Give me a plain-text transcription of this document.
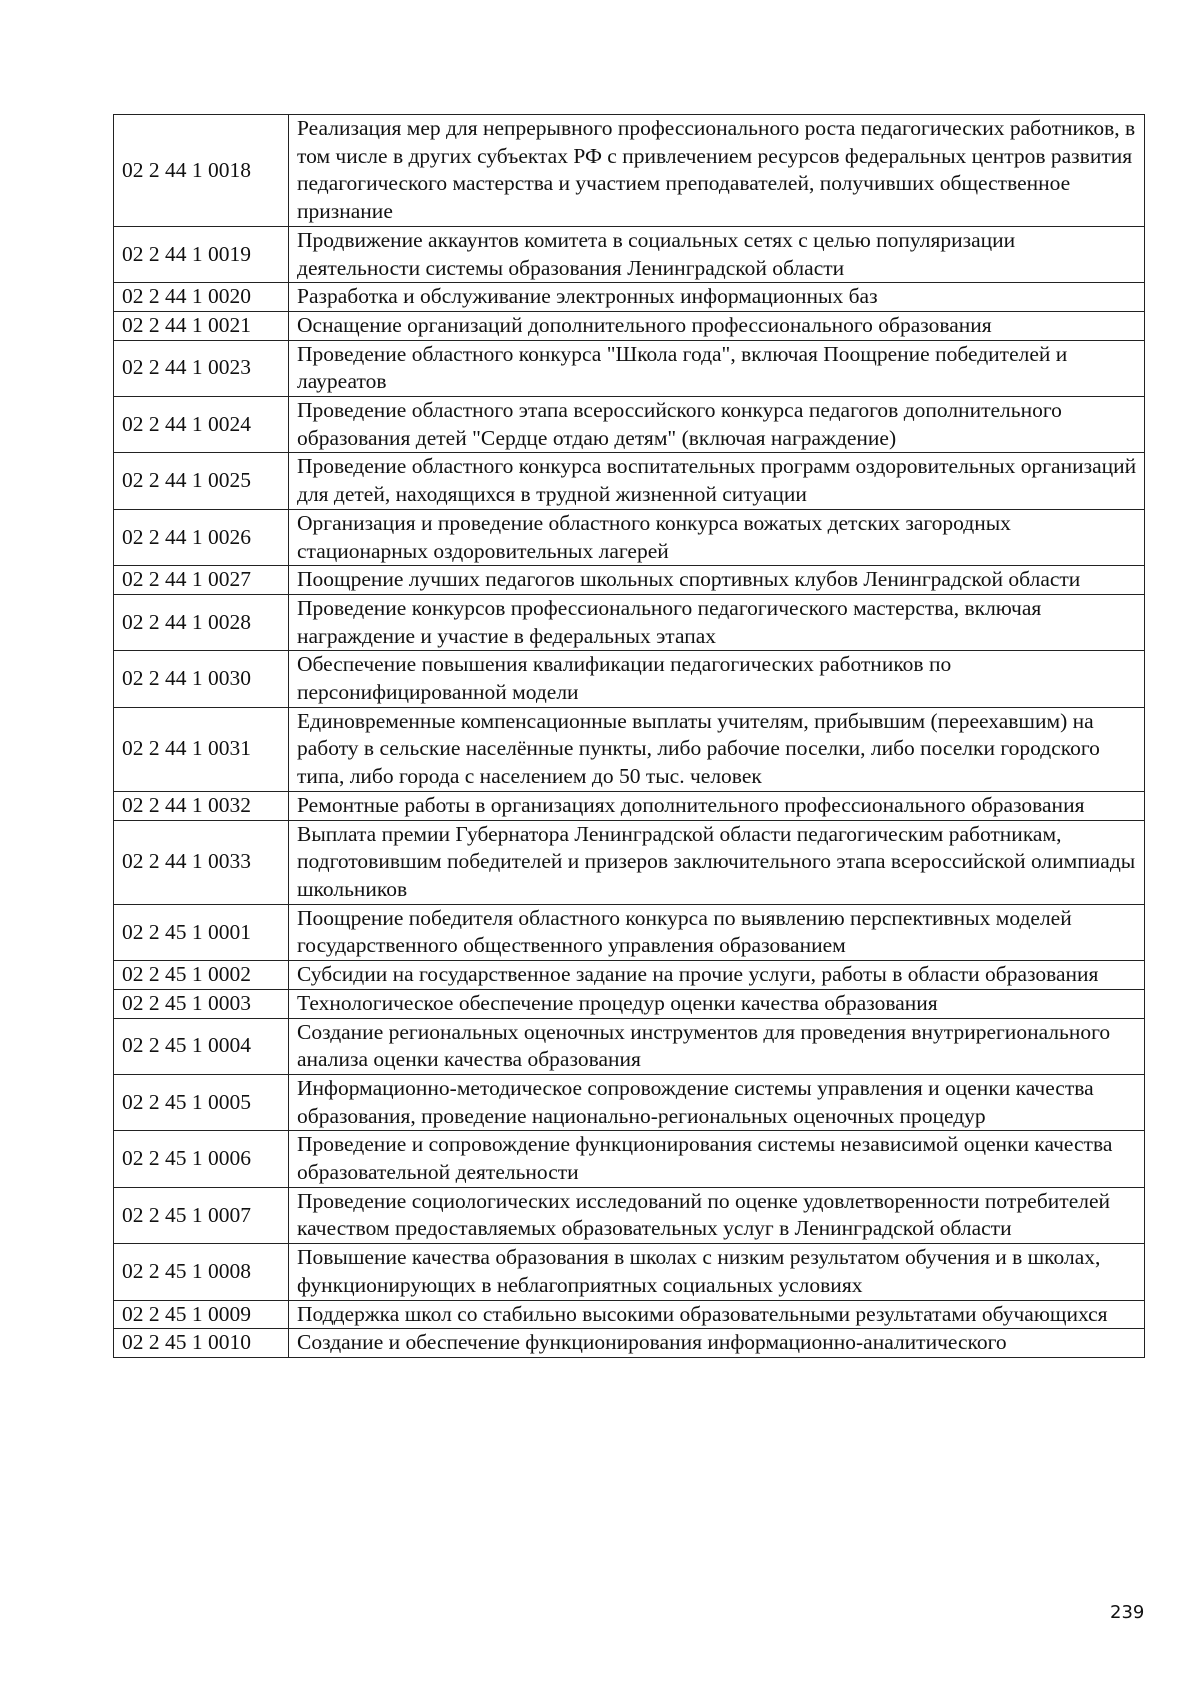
02 2 44 1 0018	Реализация мер для непрерывного профессионального роста педагогических работников, в том числе в других субъектах РФ с привлечением ресурсов федеральных центров развития педагогического мастерства и участием преподавателей, получивших общественное признание
02 2 44 1 0019	Продвижение аккаунтов комитета в социальных сетях с целью популяризации деятельности системы образования Ленинградской области
02 2 44 1 0020	Разработка и обслуживание электронных информационных баз
02 2 44 1 0021	Оснащение организаций дополнительного профессионального образования
02 2 44 1 0023	Проведение областного конкурса "Школа года", включая Поощрение победителей и лауреатов
02 2 44 1 0024	Проведение областного этапа всероссийского конкурса педагогов дополнительного образования детей "Сердце отдаю детям" (включая награждение)
02 2 44 1 0025	Проведение областного конкурса воспитательных программ оздоровительных организаций для детей, находящихся в трудной жизненной ситуации
02 2 44 1 0026	Организация и проведение областного конкурса вожатых детских загородных стационарных оздоровительных лагерей
02 2 44 1 0027	Поощрение лучших педагогов школьных спортивных клубов Ленинградской области
02 2 44 1 0028	Проведение конкурсов профессионального педагогического мастерства, включая награждение и участие в федеральных этапах
02 2 44 1 0030	Обеспечение повышения квалификации педагогических работников по персонифицированной модели
02 2 44 1 0031	Единовременные компенсационные выплаты учителям, прибывшим (переехавшим) на работу в сельские населённые пункты, либо рабочие поселки, либо поселки городского типа, либо города с населением до 50 тыс. человек
02 2 44 1 0032	Ремонтные работы в организациях дополнительного профессионального образования
02 2 44 1 0033	Выплата премии Губернатора Ленинградской области педагогическим работникам, подготовившим победителей и призеров заключительного этапа всероссийской олимпиады школьников
02 2 45 1 0001	Поощрение победителя областного конкурса по выявлению перспективных моделей государственного общественного управления образованием
02 2 45 1 0002	Субсидии на государственное задание на прочие услуги, работы в области образования
02 2 45 1 0003	Технологическое обеспечение процедур оценки качества образования
02 2 45 1 0004	Создание региональных оценочных инструментов для проведения внутрирегионального анализа оценки качества образования
02 2 45 1 0005	Информационно-методическое сопровождение системы управления и оценки качества образования, проведение национально-региональных оценочных процедур
02 2 45 1 0006	Проведение и сопровождение функционирования системы независимой оценки качества образовательной деятельности
02 2 45 1 0007	Проведение социологических исследований по оценке удовлетворенности потребителей качеством предоставляемых образовательных услуг в Ленинградской области
02 2 45 1 0008	Повышение качества образования в школах с низким результатом обучения и в школах, функционирующих в неблагоприятных социальных условиях
02 2 45 1 0009	Поддержка школ со стабильно высокими образовательными результатами обучающихся
02 2 45 1 0010	Создание и обеспечение функционирования информационно-аналитического
239
